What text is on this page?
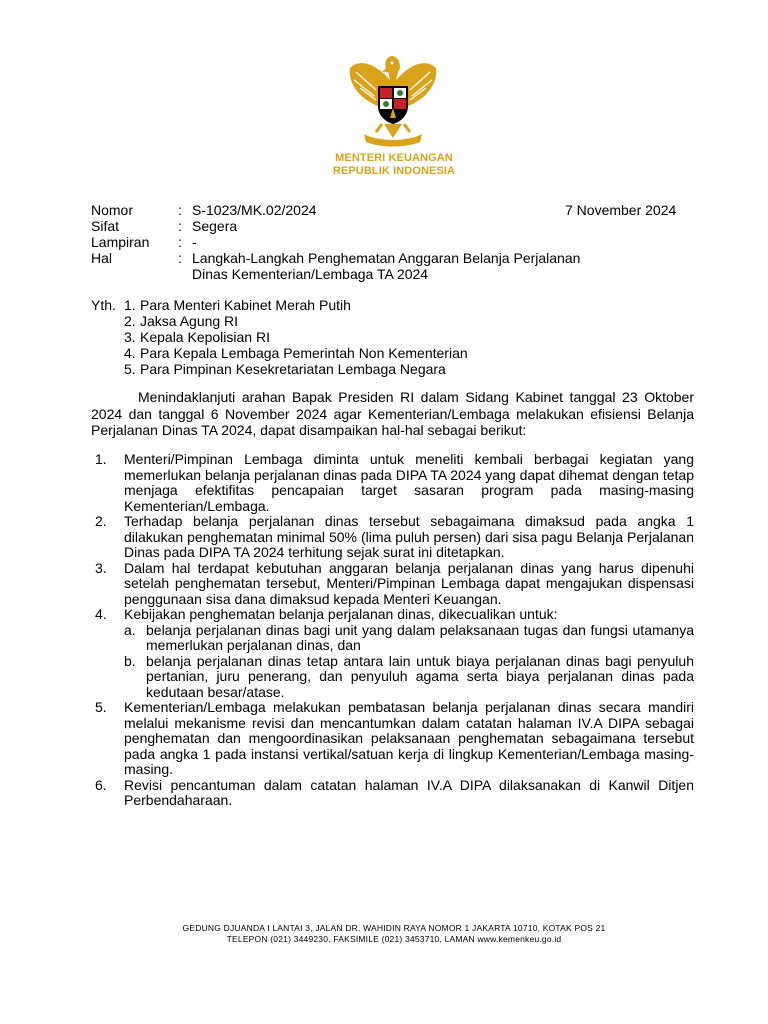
MENTERI KEUANGAN
REPUBLIK INDONESIA
Nomor	: S-1023/MK.02/2024
Sifat	: Segera
Lampiran	: -
Hal	: Langkah-Langkah Penghematan Anggaran Belanja Perjalanan Dinas Kementerian/Lembaga TA 2024
7 November 2024
Yth. 1. Para Menteri Kabinet Merah Putih
2. Jaksa Agung RI
3. Kepala Kepolisian RI
4. Para Kepala Lembaga Pemerintah Non Kementerian
5. Para Pimpinan Kesekretariatan Lembaga Negara
Menindaklanjuti arahan Bapak Presiden RI dalam Sidang Kabinet tanggal 23 Oktober 2024 dan tanggal 6 November 2024 agar Kementerian/Lembaga melakukan efisiensi Belanja Perjalanan Dinas TA 2024, dapat disampaikan hal-hal sebagai berikut:
1.	Menteri/Pimpinan Lembaga diminta untuk meneliti kembali berbagai kegiatan yang memerlukan belanja perjalanan dinas pada DIPA TA 2024 yang dapat dihemat dengan tetap menjaga efektifitas pencapaian target sasaran program pada masing-masing Kementerian/Lembaga.
2.	Terhadap belanja perjalanan dinas tersebut sebagaimana dimaksud pada angka 1 dilakukan penghematan minimal 50% (lima puluh persen) dari sisa pagu Belanja Perjalanan Dinas pada DIPA TA 2024 terhitung sejak surat ini ditetapkan.
3.	Dalam hal terdapat kebutuhan anggaran belanja perjalanan dinas yang harus dipenuhi setelah penghematan tersebut, Menteri/Pimpinan Lembaga dapat mengajukan dispensasi penggunaan sisa dana dimaksud kepada Menteri Keuangan.
4.	Kebijakan penghematan belanja perjalanan dinas, dikecualikan untuk:
a. belanja perjalanan dinas bagi unit yang dalam pelaksanaan tugas dan fungsi utamanya memerlukan perjalanan dinas, dan
b. belanja perjalanan dinas tetap antara lain untuk biaya perjalanan dinas bagi penyuluh pertanian, juru penerang, dan penyuluh agama serta biaya perjalanan dinas pada kedutaan besar/atase.
5.	Kementerian/Lembaga melakukan pembatasan belanja perjalanan dinas secara mandiri melalui mekanisme revisi dan mencantumkan dalam catatan halaman IV.A DIPA sebagai penghematan dan mengoordinasikan pelaksanaan penghematan sebagaimana tersebut pada angka 1 pada instansi vertikal/satuan kerja di lingkup Kementerian/Lembaga masing-masing.
6.	Revisi pencantuman dalam catatan halaman IV.A DIPA dilaksanakan di Kanwil Ditjen Perbendaharaan.
GEDUNG DJUANDA I LANTAI 3, JALAN DR. WAHIDIN RAYA NOMOR 1 JAKARTA 10710, KOTAK POS 21
TELEPON (021) 3449230, FAKSIMILE (021) 3453710, LAMAN www.kemenkeu.go.id
